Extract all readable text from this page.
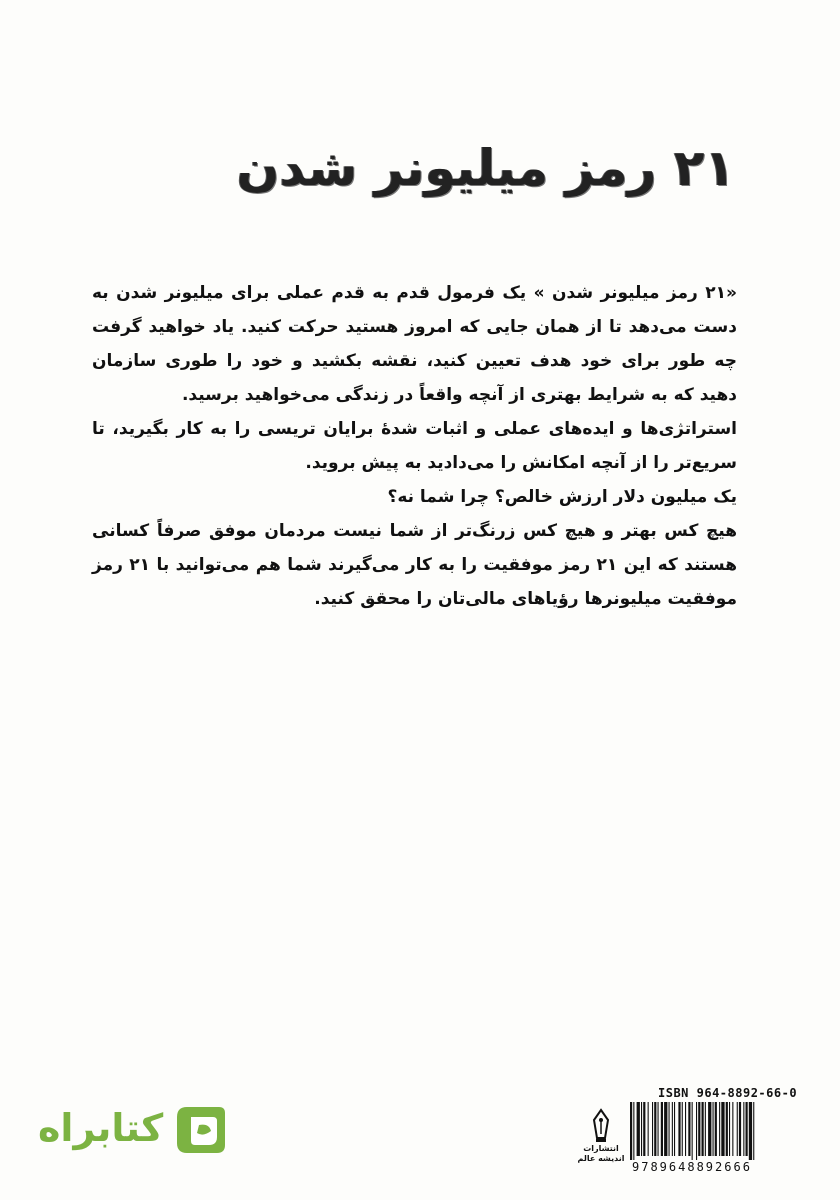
۲۱ رمز میلیونر شدن

«۲۱ رمز میلیونر شدن » یک فرمول قدم به قدم عملی برای میلیونر شدن به دست می‌دهد تا از همان جایی که امروز هستید حرکت کنید. یاد خواهید گرفت چه طور برای خود هدف تعیین کنید، نقشه بکشید و خود را طوری سازمان دهید که به شرایط بهتری از آنچه واقعاً در زندگی می‌خواهید برسید.

استراتژی‌ها و ایده‌های عملی و اثبات شدهٔ برایان تریسی را به کار بگیرید، تا سریع‌تر را از آنچه امکانش را می‌دادید به پیش بروید.

یک میلیون دلار ارزش خالص؟ چرا شما نه؟

هیچ کس بهتر و هیچ کس زرنگ‌تر از شما نیست مردمان موفق صرفاً کسانی هستند که این ۲۱ رمز موفقیت را به کار می‌گیرند شما هم می‌توانید با ۲۱ رمز موفقیت میلیونرها رؤیاهای مالی‌تان را محقق کنید.

کتابراه
ISBN 964-8892-66-0
9789648892666
انتشارات
اندیشه عالم
